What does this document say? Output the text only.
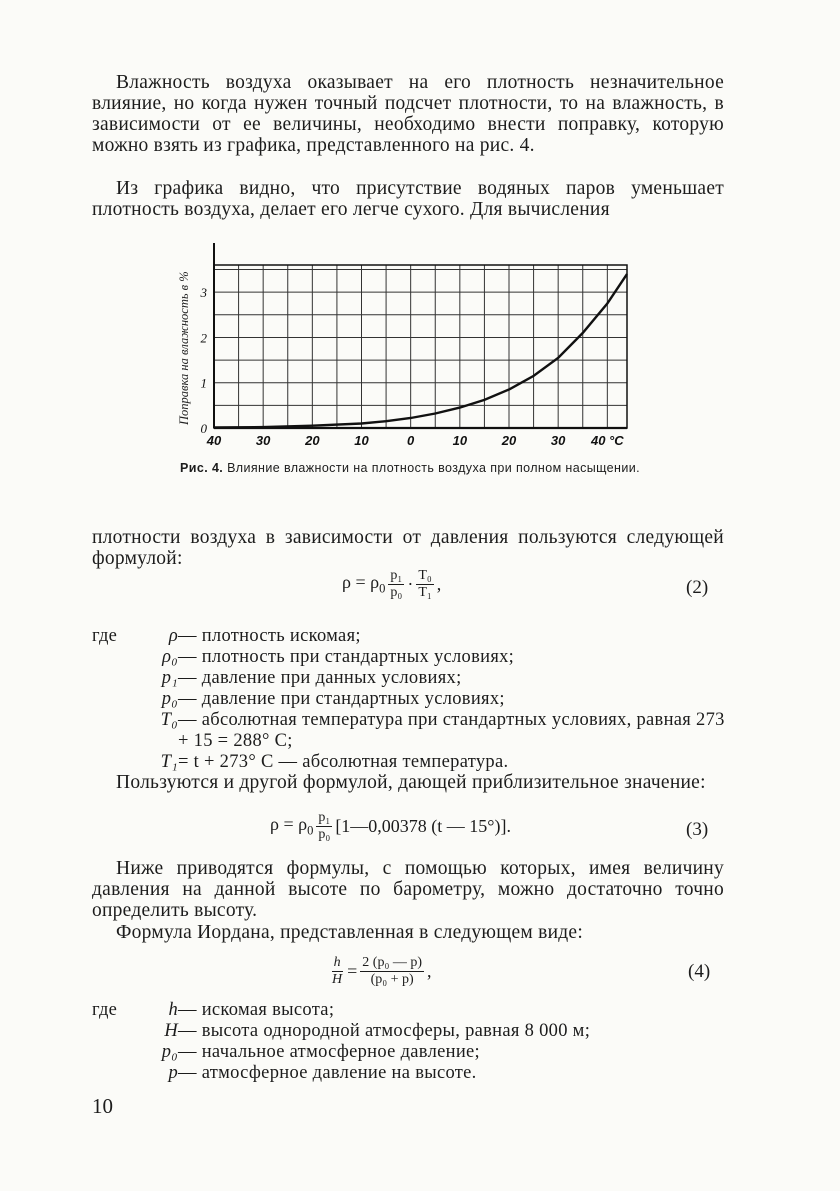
Влажность воздуха оказывает на его плотность незначительное влияние, но когда нужен точный подсчет плотности, то на влажность, в зависимости от ее величины, необходимо внести поправку, которую можно взять из графика, представленного на рис. 4.

Из графика видно, что присутствие водяных паров уменьшает плотность воздуха, делает его легче сухого. Для вычисления

40	30	20	10	0	10	20	30 40 °C
0
1
2
3
Поправка на влажность в %
Рис. 4. Влияние влажности на плотность воздуха при полном насыщении.

плотности воздуха в зависимости от давления пользуются следующей формулой:

$\rho = \rho_0 \frac{\text{p₁}}{\text{p₀}} \cdot \frac{\text{T₀}}{\text{T₁}}$ ,	(2)
где	ρ — плотность искомая;
ρ₀ — плотность при стандартных условиях;
p₁ — давление при данных условиях;
p₀ — давление при стандартных условиях;
T₀ — абсолютная температура при стандартных условиях, равная 273 + 15 = 288° C;
T₁ = t + 273° C — абсолютная температура.

Пользуются и другой формулой, дающей приблизительное значение:

$\rho = \rho_0 \frac{\text{p₁}}{\text{p₀}}$ [1—0,00378 (t — 15°)].	(3)

Ниже приводятся формулы, с помощью которых, имея величину давления на данной высоте по барометру, можно достаточно точно определить высоту.

Формула Иордана, представленная в следующем виде:

$\frac{h}{H} = \frac{\text{2 (p₀ — p)}}{\text{(p₀ + p)}}$ ,	(4)
где	h — искомая высота;
H — высота однородной атмосферы, равная 8 000 м;
p₀ — начальное атмосферное давление;
p — атмосферное давление на высоте.
10
